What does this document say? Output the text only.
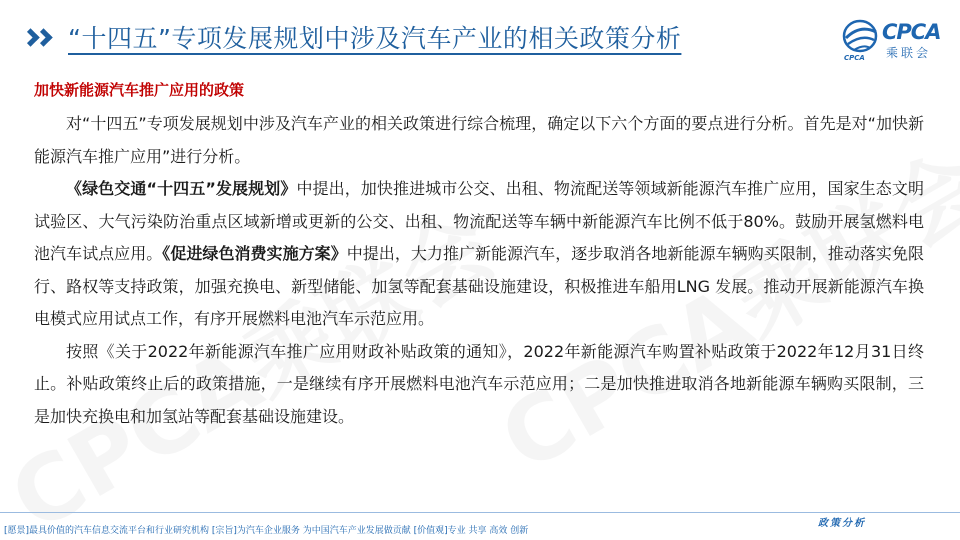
“十四五”专项发展规划中涉及汽车产业的相关政策分析	CPCA
乘联会
CPCA
加快新能源汽车推广应用的政策

对“十四五”专项发展规划中涉及汽车产业的相关政策进行综合梳理，确定以下六个方面的要点进行分析。首先是对“加快新能源汽车推广应用”进行分析。

《绿色交通“十四五”发展规划》中提出，加快推进城市公交、出租、物流配送等领域新能源汽车推广应用，国家生态文明试验区、大气污染防治重点区域新增或更新的公交、出租、物流配送等车辆中新能源汽车比例不低于80%。鼓励开展氢燃料电池汽车试点应用。《促进绿色消费实施方案》中提出，大力推广新能源汽车，逐步取消各地新能源车辆购买限制，推动落实免限行、路权等支持政策，加强充换电、新型储能、加氢等配套基础设施建设，积极推进车船用LNG 发展。推动开展新能源汽车换电模式应用试点工作，有序开展燃料电池汽车示范应用。

按照《关于2022年新能源汽车推广应用财政补贴政策的通知》，2022年新能源汽车购置补贴政策于2022年12月31日终止。补贴政策终止后的政策措施，一是继续有序开展燃料电池汽车示范应用；二是加快推进取消各地新能源车辆购买限制，三是加快充换电和加氢站等配套基础设施建设。

[愿景]最具价值的汽车信息交流平台和行业研究机构 [宗旨]为汽车企业服务 为中国汽车产业发展做贡献 [价值观]专业 共享 高效 创新
政策分析
